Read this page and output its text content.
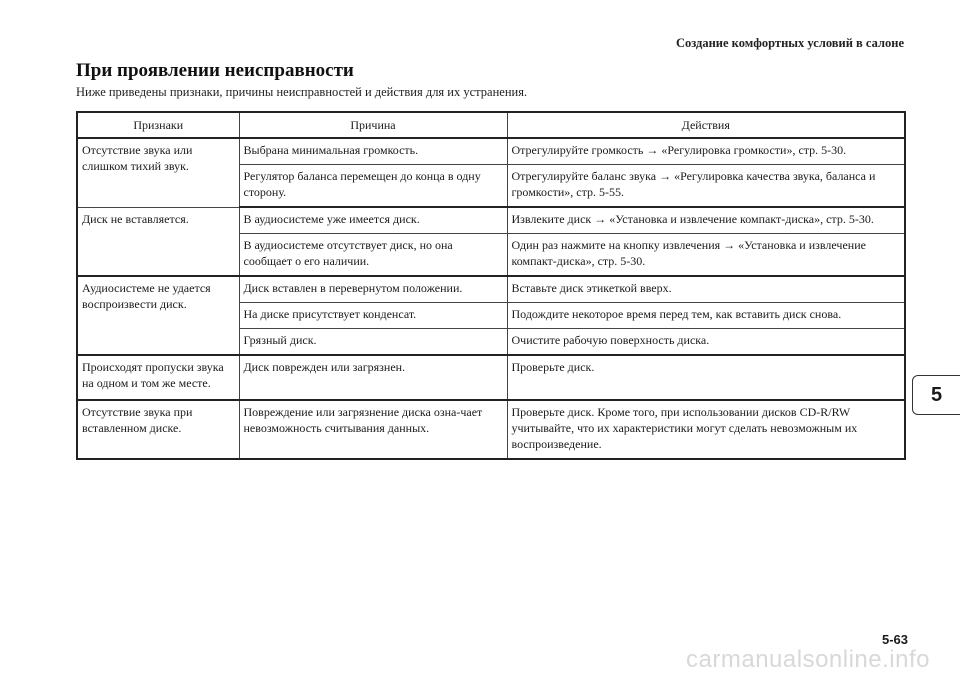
Создание комфортных условий в салоне
При проявлении неисправности

Ниже приведены признаки, причины неисправностей и действия для их устранения.

Признаки	Причина	Действия
Отсутствие звука или слишком тихий звук.	Выбрана минимальная громкость.	Отрегулируйте громкость → «Регулировка громкости», стр. 5-30.
	Регулятор баланса перемещен до конца в одну сторону.	Отрегулируйте баланс звука → «Регулировка качества звука, баланса и громкости», стр. 5-55.
Диск не вставляется.	В аудиосистеме уже имеется диск.	Извлеките диск → «Установка и извлечение компакт-диска», стр. 5-30.
	В аудиосистеме отсутствует диск, но она сообщает о его наличии.	Один раз нажмите на кнопку извлечения → «Установка и извлечение компакт-диска», стр. 5-30.
Аудиосистеме не удается воспроизвести диск.	Диск вставлен в перевернутом положении.	Вставьте диск этикеткой вверх.
	На диске присутствует конденсат.	Подождите некоторое время перед тем, как вставить диск снова.
	Грязный диск.	Очистите рабочую поверхность диска.
Происходят пропуски звука на одном и том же месте.	Диск поврежден или загрязнен.	Проверьте диск.
Отсутствие звука при вставленном диске.	Повреждение или загрязнение диска озна-чает невозможность считывания данных.	Проверьте диск. Кроме того, при использовании дисков CD-R/RW учитывайте, что их характеристики могут сделать невозможным их воспроизведение.
5
5-63
carmanualsonline.info
